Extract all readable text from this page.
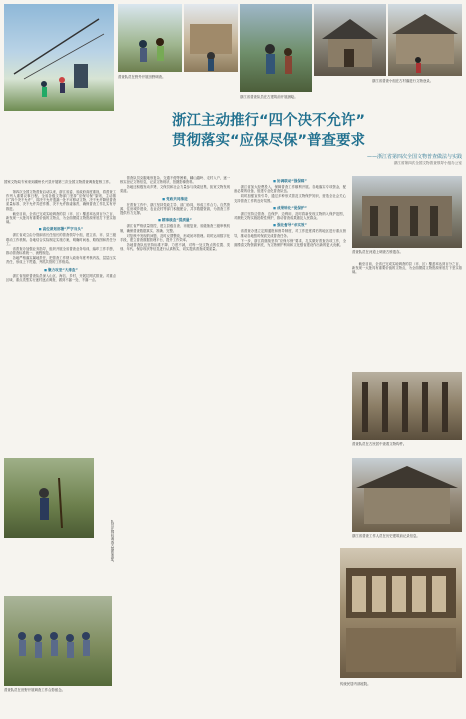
国家文物局专家来到湖州长兴县开展第三次全国文物普查调查复核工作。
普查队员在野外开展田野调查。
浙江省普查队员在古建筑前开展测绘。
浙江省普查小组在古村落进行文物登录。
浙江主动推行“四个决不允许”
贯彻落实“应保尽保”普查要求
——浙江省第四次全国文物普查做法与实践
浙江省第四次全国文物普查领导小组办公室
队员在林间调查古墓葬遗址。
普查队员在田野开展调查工作合影留念。
普查队员在河道上调查古桥遗存。
普查队员在古民居中查看文物构件。
浙江省普查工作人员在历史建筑前记录信息。
传统民居内部庭院。

第四次全国文物普查启动以来，浙江省委、省政府高度重视，将普查工作列入重要议事日程。全省各级文物部门坚持“应保尽保”原则，主动推行“四个决不允许”，即决不允许遗漏一处不可移动文物、决不允许降低普查质量标准、决不允许弄虚作假、决不允许推诿塞责，确保普查工作扎实有序推进。

截至目前，全省已完成实地调查的县（市、区）覆盖率达到百分之百，新发现一大批具有重要价值的文物点，为全面摸清文物资源家底打下坚实基础。

■ 高位谋划部署“严字当头”

浙江省成立由分管副省长任组长的普查领导小组，建立省、市、县三级联动工作机制。各地结合实际制定实施方案，明确时间表、路线图和责任分工。

省普查办加强业务指导，组织开展全省普查业务培训，编印工作手册，推动普查标准统一、流程规范。

各地严格落实属地责任，把普查工作纳入政府年度考核内容，层层压实责任，形成上下贯通、齐抓共管的工作格局。

■ 聚力攻坚“大排查”

浙江省组织普查队员深入山区、海岛、乡村，开展拉网式排查。对重点区域、重点类型实行逐村逐点调查，做到不漏一处、不落一点。

普查队员克服地形复杂、交通不便等困难，翻山越岭、走村入户，逐一核实登记文物信息，记录文物现状，拍摄影像资料。

各地还积极发动乡贤、文保员和社会力量参与线索征集，拓宽文物发现渠道。

■ 党政共同推进

在普查工作中，浙江坚持党政主导、部门协同，形成工作合力。自然资源、住房城乡建设、农业农村等部门积极配合，共享数据资源，为普查工作提供有力支撑。

■ 精准核查“提质量”

浙江省严格质量管控，建立县级自查、市级复查、省级抽查三级审核机制，确保普查数据真实、准确、完整。

对复核中发现的问题，及时反馈整改，形成闭环管理。同时运用数字化手段，建立普查数据管理平台，提升工作效率。

各地普查队伍坚持标准不降、力度不减，对每一处文物点的位置、类别、年代、保存现状等信息进行认真核实，切实提高普查成果质量。

■ 协调联动“强保障”

浙江省加大经费投入，保障普查工作顺利开展。各地落实专项资金，配备必要的设备，组建专业化普查队伍。

同时加强宣传引导，通过多种形式普及文物保护知识，营造全社会关心支持普查工作的良好氛围。

■ 成果转化“促保护”

浙江坚持边普查、边保护、边利用，及时将新发现文物纳入保护范围，对濒危文物实施抢救性保护，推动普查成果惠及人民群众。

■ 强化督导“求实效”

省普查办建立定期通报和督导制度，对工作进度滞后的地区进行重点督导，推动各地按时保质完成普查任务。

下一步，浙江将继续坚持“应保尽保”要求，扎实做好普查各项工作，全面摸清文物资源家底，为文物保护利用和文化强省建设作出新的更大贡献。

截至目前，全省已完成实地调查的县（市、区）覆盖率达到百分之百，新发现一大批具有重要价值的文物点，为全面摸清文物资源家底打下坚实基础。
